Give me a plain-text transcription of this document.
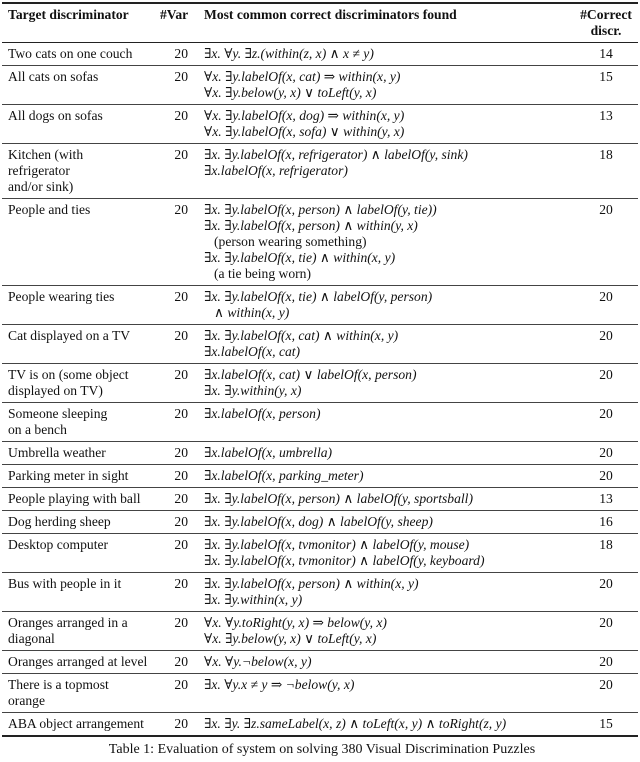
Target discriminator	#Var	Most common correct discriminators found	#Correct discr.

Two cats on one couch	20	∃x. ∀y. ∃z.(within(z, x) ∧ x ≠ y)	14

All cats on sofas	20	∀x. ∃y.labelOf(x, cat) ⇒ within(x, y)
∀x. ∃y.below(y, x) ∨ toLeft(y, x)	15

All dogs on sofas	20	∀x. ∃y.labelOf(x, dog) ⇒ within(x, y)
∀x. ∃y.labelOf(x, sofa) ∨ within(y, x)	13

Kitchen (with refrigerator
and/or sink)	20	∃x. ∃y.labelOf(x, refrigerator) ∧ labelOf(y, sink)
∃x.labelOf(x, refrigerator)	18

People and ties	20	∃x. ∃y.labelOf(x, person) ∧ labelOf(y, tie))
∃x. ∃y.labelOf(x, person) ∧ within(y, x)
(person wearing something)
∃x. ∃y.labelOf(x, tie) ∧ within(x, y)
(a tie being worn)	20

People wearing ties	20	∃x. ∃y.labelOf(x, tie) ∧ labelOf(y, person)
∧ within(x, y)	20

Cat displayed on a TV	20	∃x. ∃y.labelOf(x, cat) ∧ within(x, y)
∃x.labelOf(x, cat)	20

TV is on (some object
displayed on TV)	20	∃x.labelOf(x, cat) ∨ labelOf(x, person)
∃x. ∃y.within(y, x)	20

Someone sleeping
on a bench	20	∃x.labelOf(x, person)	20

Umbrella weather	20	∃x.labelOf(x, umbrella)	20

Parking meter in sight	20	∃x.labelOf(x, parking_meter)	20

People playing with ball	20	∃x. ∃y.labelOf(x, person) ∧ labelOf(y, sportsball)	13

Dog herding sheep	20	∃x. ∃y.labelOf(x, dog) ∧ labelOf(y, sheep)	16

Desktop computer	20	∃x. ∃y.labelOf(x, tvmonitor) ∧ labelOf(y, mouse)
∃x. ∃y.labelOf(x, tvmonitor) ∧ labelOf(y, keyboard)	18

Bus with people in it	20	∃x. ∃y.labelOf(x, person) ∧ within(x, y)
∃x. ∃y.within(x, y)	20

Oranges arranged in a
diagonal	20	∀x. ∀y.toRight(y, x) ⇒ below(y, x)
∀x. ∃y.below(y, x) ∨ toLeft(y, x)	20

Oranges arranged at level	20	∀x. ∀y.¬below(x, y)	20

There is a topmost orange	20	∃x. ∀y.x ≠ y ⇒ ¬below(y, x)	20

ABA object arrangement	20	∃x. ∃y. ∃z.sameLabel(x, z) ∧ toLeft(x, y) ∧ toRight(z, y)	15
Table 1: Evaluation of system on solving 380 Visual Discrimination Puzzles
